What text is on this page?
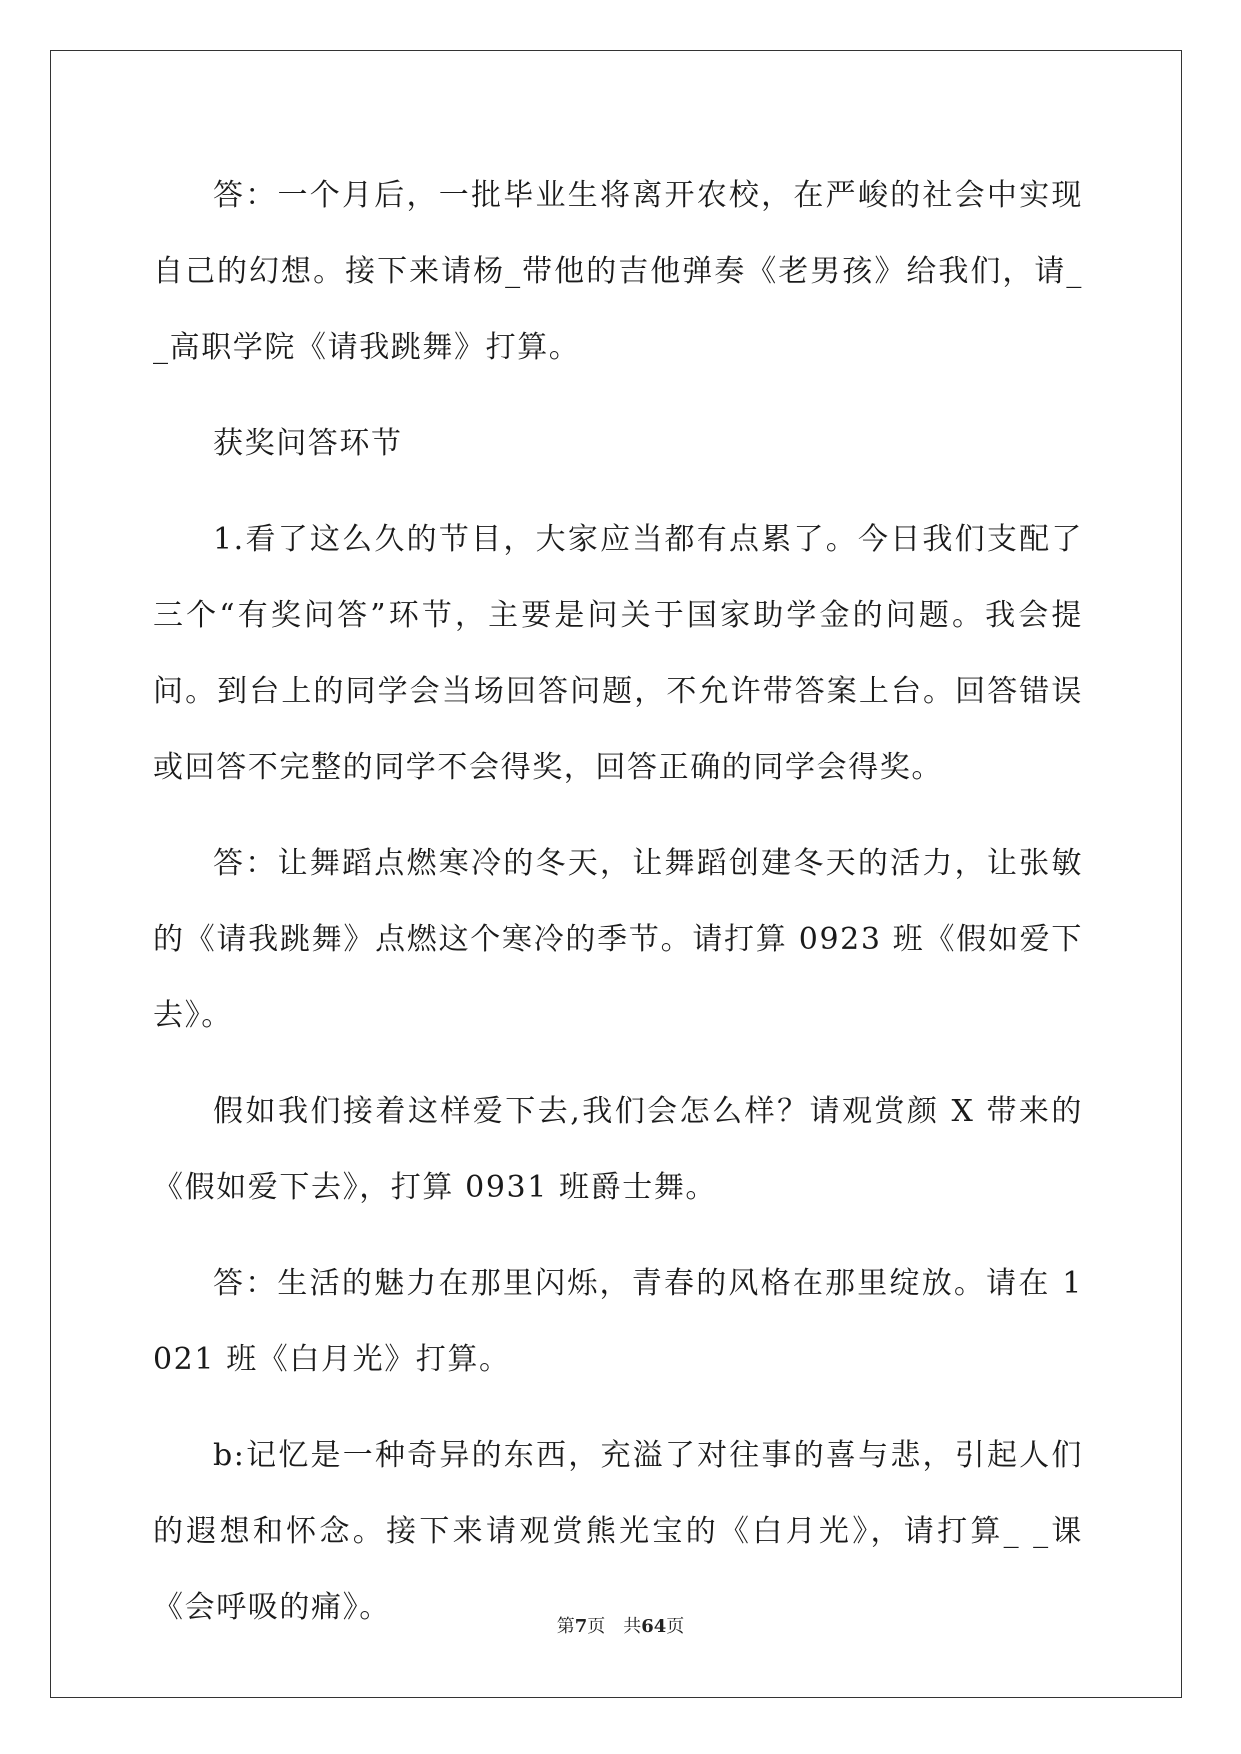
答：一个月后，一批毕业生将离开农校，在严峻的社会中实现自己的幻想。接下来请杨_带他的吉他弹奏《老男孩》给我们，请_ _高职学院《请我跳舞》打算。

获奖问答环节

1.看了这么久的节目，大家应当都有点累了。今日我们支配了三个“有奖问答”环节，主要是问关于国家助学金的问题。我会提问。到台上的同学会当场回答问题，不允许带答案上台。回答错误或回答不完整的同学不会得奖，回答正确的同学会得奖。

答：让舞蹈点燃寒冷的冬天，让舞蹈创建冬天的活力，让张敏的《请我跳舞》点燃这个寒冷的季节。请打算 0923 班《假如爱下去》。

假如我们接着这样爱下去,我们会怎么样？请观赏颜 X 带来的《假如爱下去》，打算 0931 班爵士舞。

答：生活的魅力在那里闪烁，青春的风格在那里绽放。请在 1021 班《白月光》打算。

b:记忆是一种奇异的东西，充溢了对往事的喜与悲，引起人们的遐想和怀念。接下来请观赏熊光宝的《白月光》，请打算_ _课《会呼吸的痛》。

第7页 共64页
